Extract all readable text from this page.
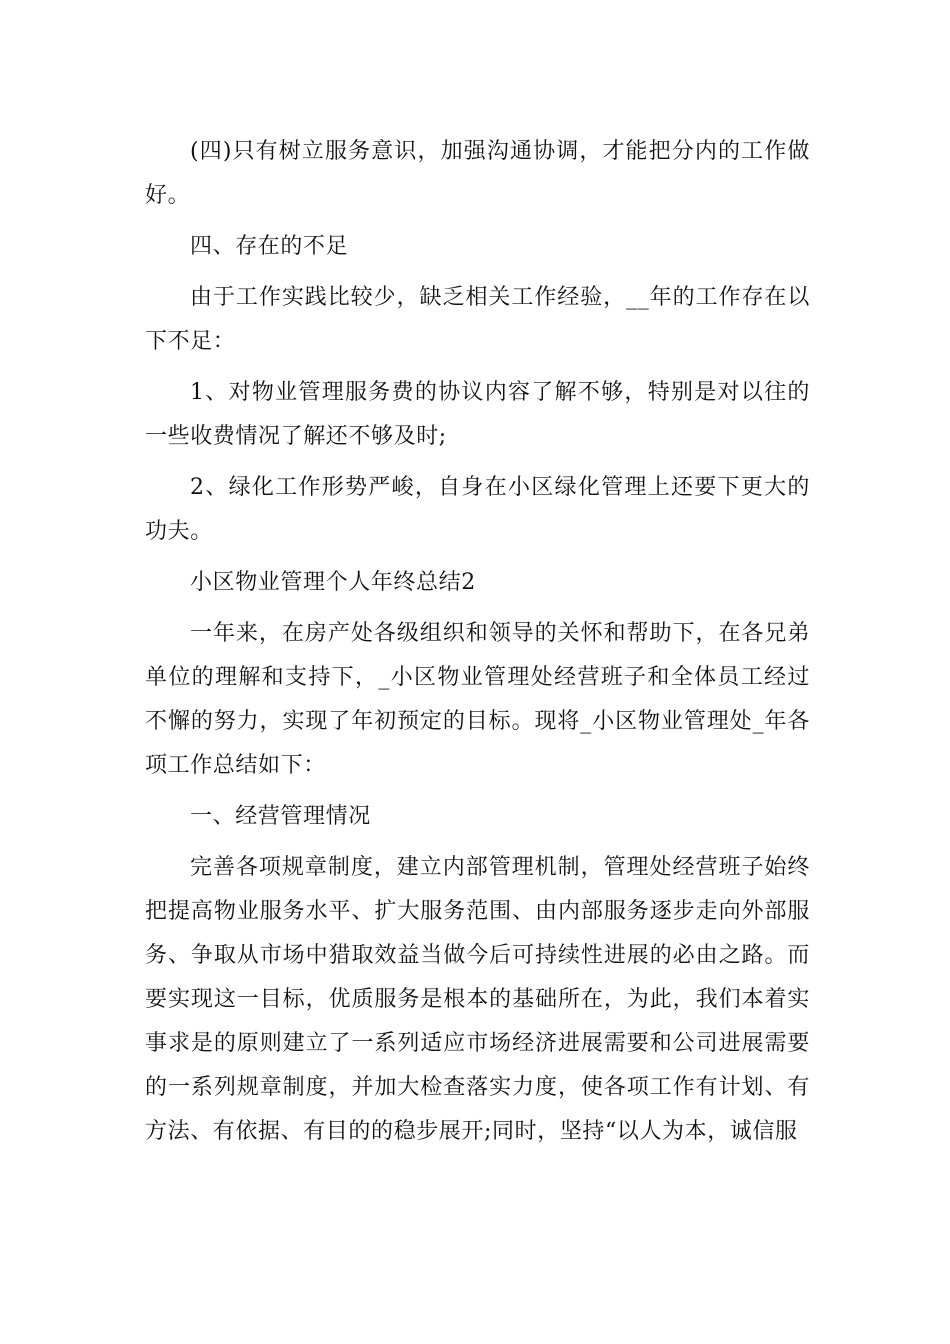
(四)只有树立服务意识，加强沟通协调，才能把分内的工作做好。

四、存在的不足

由于工作实践比较少，缺乏相关工作经验，__年的工作存在以下不足：

1、对物业管理服务费的协议内容了解不够，特别是对以往的一些收费情况了解还不够及时;

2、绿化工作形势严峻，自身在小区绿化管理上还要下更大的功夫。

小区物业管理个人年终总结2

一年来，在房产处各级组织和领导的关怀和帮助下，在各兄弟单位的理解和支持下，_小区物业管理处经营班子和全体员工经过不懈的努力，实现了年初预定的目标。现将_小区物业管理处_年各项工作总结如下：

一、经营管理情况

完善各项规章制度，建立内部管理机制，管理处经营班子始终把提高物业服务水平、扩大服务范围、由内部服务逐步走向外部服务、争取从市场中猎取效益当做今后可持续性进展的必由之路。而要实现这一目标，优质服务是根本的基础所在，为此，我们本着实事求是的原则建立了一系列适应市场经济进展需要和公司进展需要的一系列规章制度，并加大检查落实力度，使各项工作有计划、有方法、有依据、有目的的稳步展开;同时，坚持“以人为本，诚信服
